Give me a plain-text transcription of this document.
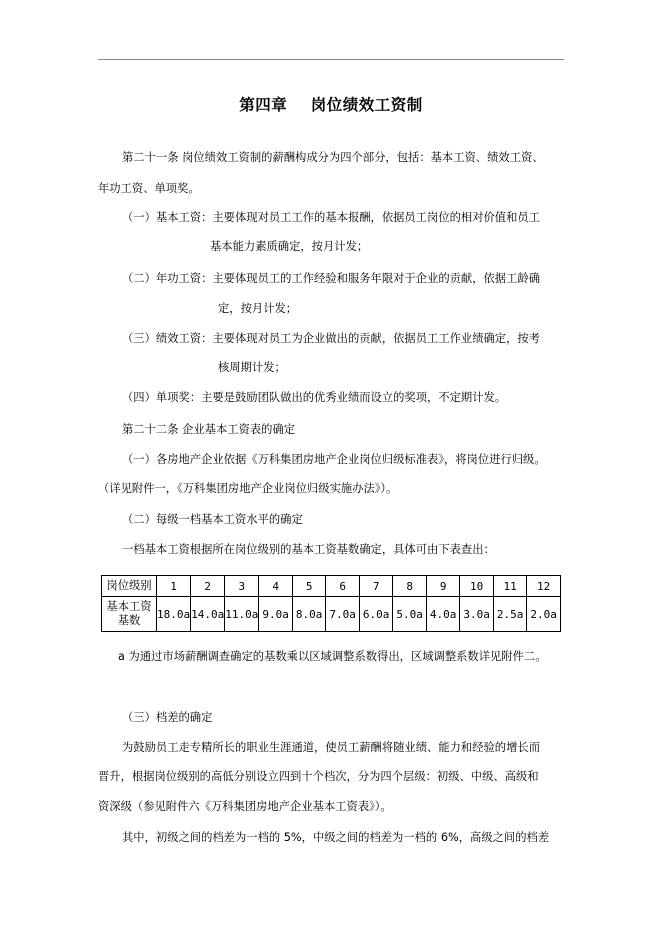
第四章    岗位绩效工资制
第二十一条 岗位绩效工资制的薪酬构成分为四个部分，包括：基本工资、绩效工资、
年功工资、单项奖。
（一）基本工资：主要体现对员工工作的基本报酬，依据员工岗位的相对价值和员工
基本能力素质确定，按月计发；
（二）年功工资：主要体现员工的工作经验和服务年限对于企业的贡献，依据工龄确
定，按月计发；
（三）绩效工资：主要体现对员工为企业做出的贡献，依据员工工作业绩确定，按考
核周期计发；
（四）单项奖：主要是鼓励团队做出的优秀业绩而设立的奖项，不定期计发。
第二十二条 企业基本工资表的确定
（一）各房地产企业依据《万科集团房地产企业岗位归级标准表》，将岗位进行归级。
（详见附件一，《万科集团房地产企业岗位归级实施办法》）。
（二）每级一档基本工资水平的确定
一档基本工资根据所在岗位级别的基本工资基数确定，具体可由下表查出：
岗位级别	1	2	3	4	5	6	7	8	9	10	11	12
基本工资
基数	18.0a	14.0a	11.0a	9.0a	8.0a	7.0a	6.0a	5.0a	4.0a	3.0a	2.5a	2.0a
a 为通过市场薪酬调查确定的基数乘以区域调整系数得出，区域调整系数详见附件二。
（三）档差的确定
为鼓励员工走专精所长的职业生涯通道，使员工薪酬将随业绩、能力和经验的增长而
晋升，根据岗位级别的高低分别设立四到十个档次，分为四个层级：初级、中级、高级和
资深级（参见附件六《万科集团房地产企业基本工资表》）。
其中，初级之间的档差为一档的 5%，中级之间的档差为一档的 6%，高级之间的档差
